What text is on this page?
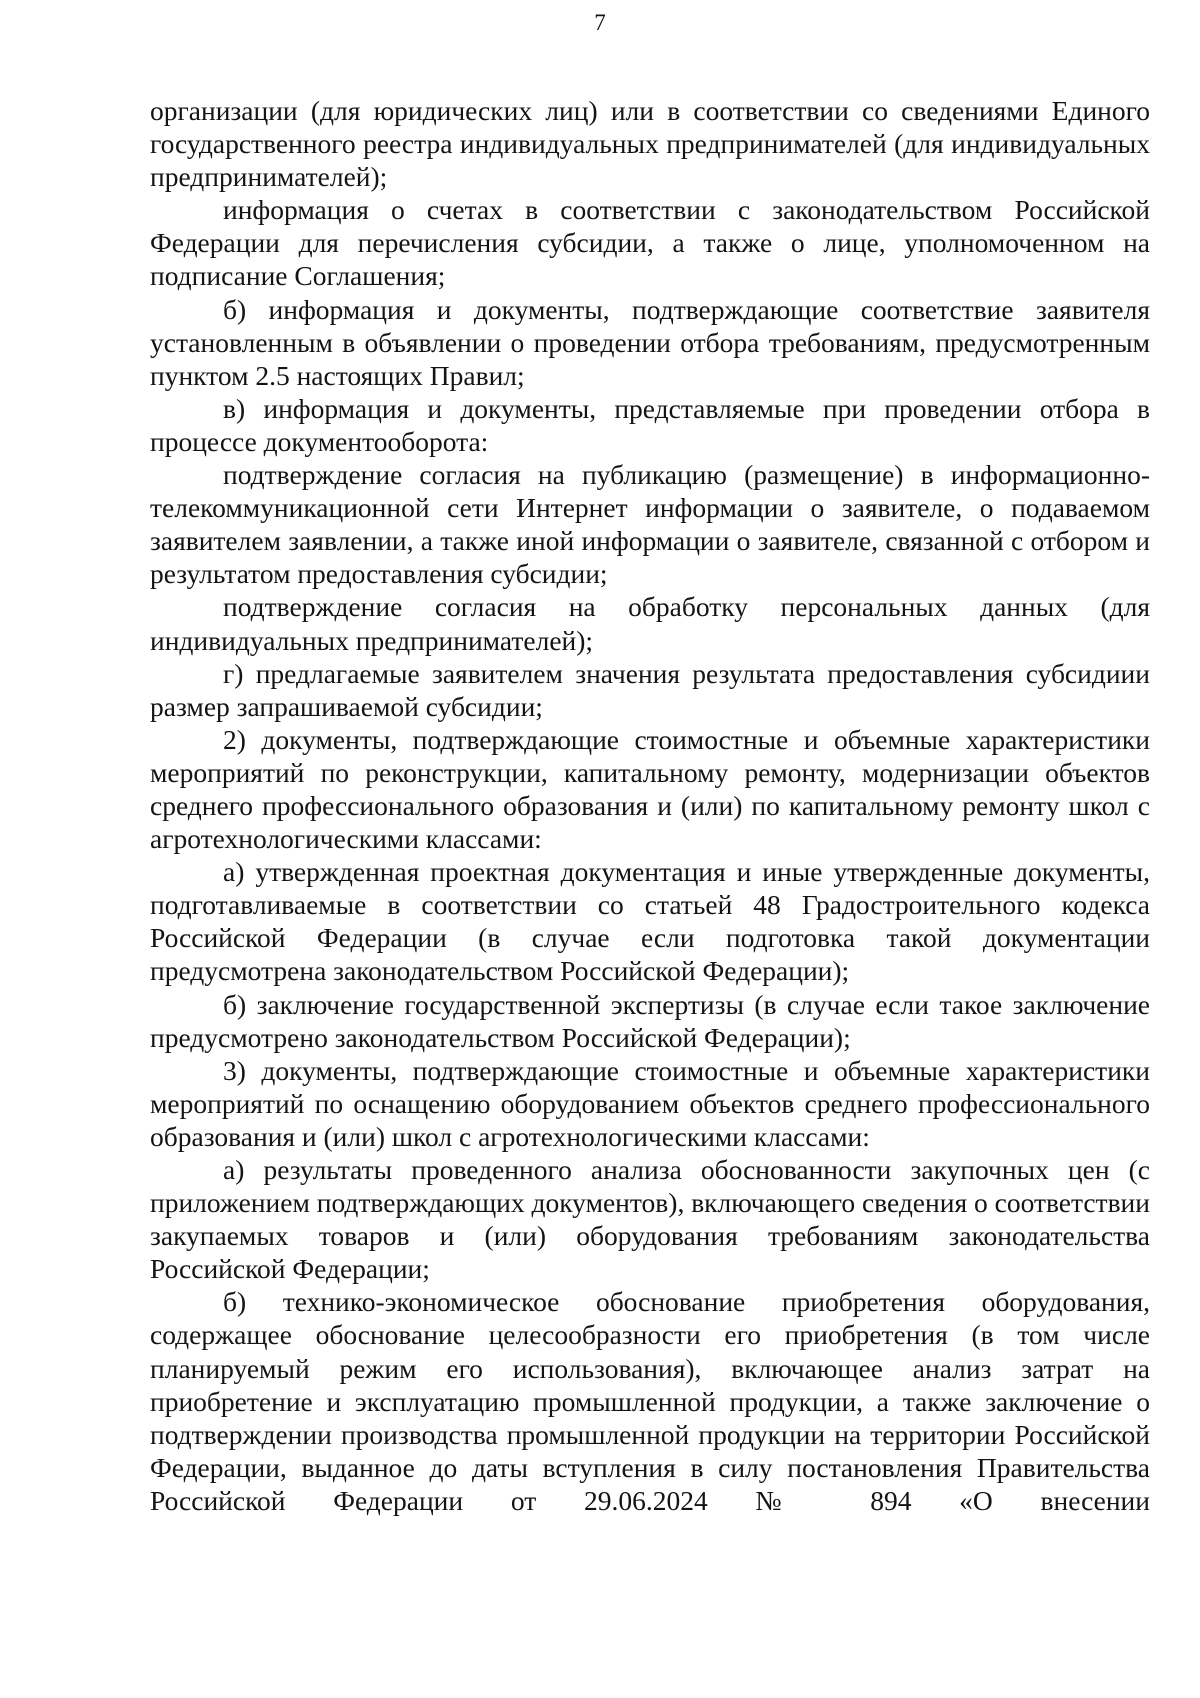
7

организации (для юридических лиц) или в соответствии со сведениями Единого государственного реестра индивидуальных предпринимателей (для индивидуальных предпринимателей);

информация о счетах в соответствии с законодательством Российской Федерации для перечисления субсидии, а также о лице, уполномоченном на подписание Соглашения;

б) информация и документы, подтверждающие соответствие заявителя установленным в объявлении о проведении отбора требованиям, предусмотренным пунктом 2.5 настоящих Правил;

в) информация и документы, представляемые при проведении отбора в процессе документооборота:

подтверждение согласия на публикацию (размещение) в информационно-телекоммуникационной сети Интернет информации о заявителе, о подаваемом заявителем заявлении, а также иной информации о заявителе, связанной с отбором и результатом предоставления субсидии;

подтверждение согласия на обработку персональных данных (для индивидуальных предпринимателей);

г) предлагаемые заявителем значения результата предоставления субсидиии размер запрашиваемой субсидии;

2) документы, подтверждающие стоимостные и объемные характеристики мероприятий по реконструкции, капитальному ремонту, модернизации объектов среднего профессионального образования и (или) по капитальному ремонту школ с агротехнологическими классами:

а) утвержденная проектная документация и иные утвержденные документы, подготавливаемые в соответствии со статьей 48 Градостроительного кодекса Российской Федерации (в случае если подготовка такой документации предусмотрена законодательством Российской Федерации);

б) заключение государственной экспертизы (в случае если такое заключение предусмотрено законодательством Российской Федерации);

3) документы, подтверждающие стоимостные и объемные характеристики мероприятий по оснащению оборудованием объектов среднего профессионального образования и (или) школ с агротехнологическими классами:

а) результаты проведенного анализа обоснованности закупочных цен (с приложением подтверждающих документов), включающего сведения о соответствии закупаемых товаров и (или) оборудования требованиям законодательства Российской Федерации;

б) технико-экономическое обоснование приобретения оборудования, содержащее обоснование целесообразности его приобретения (в том числе планируемый режим его использования), включающее анализ затрат на приобретение и эксплуатацию промышленной продукции, а также заключение о подтверждении производства промышленной продукции на территории Российской Федерации, выданное до даты вступления в силу постановления Правительства Российской Федерации от 29.06.2024 № 894 «О внесении
